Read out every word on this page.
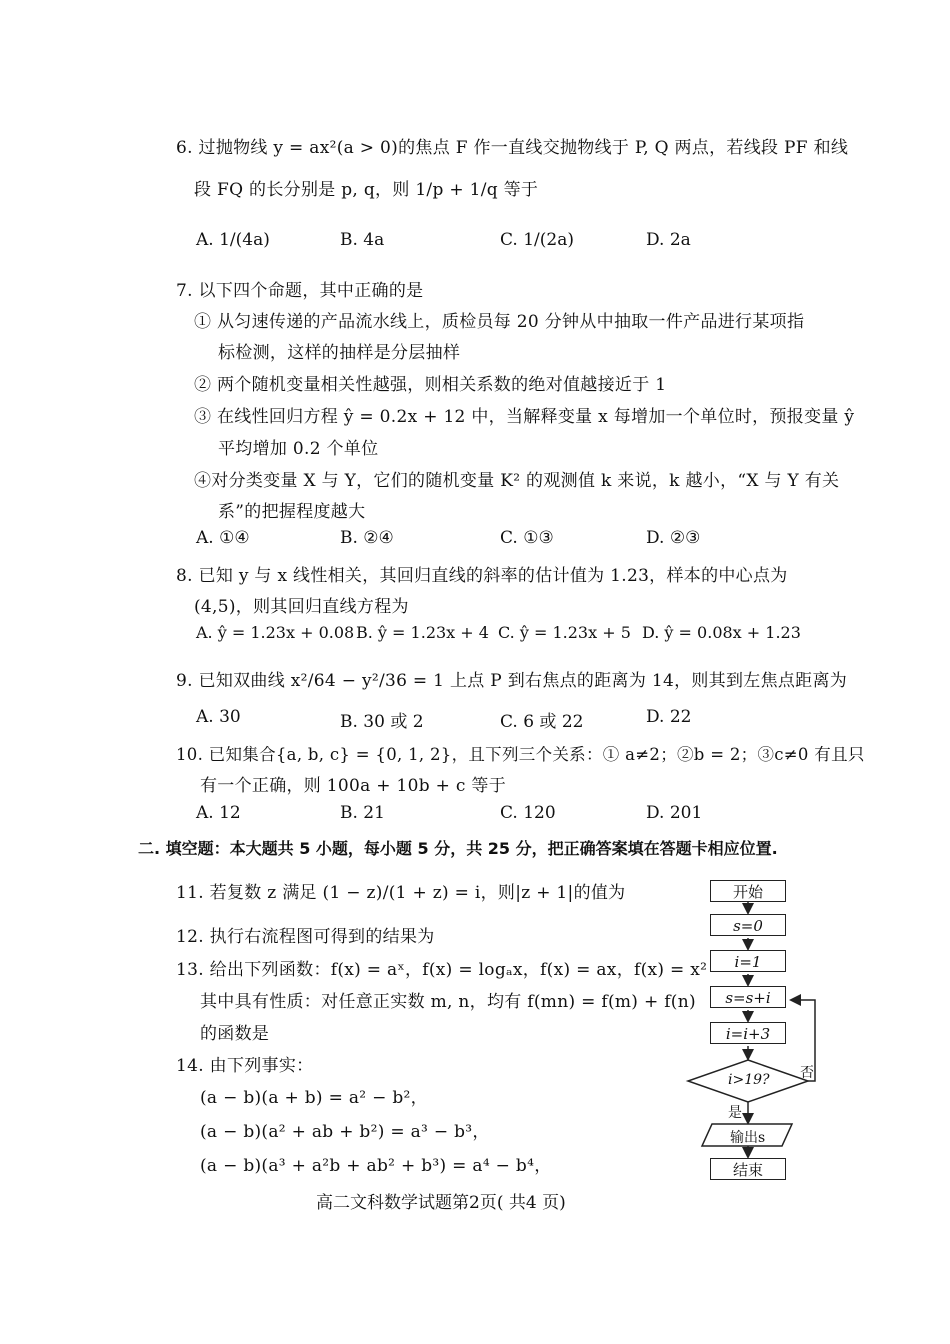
6. 过抛物线 y = ax²(a > 0)的焦点 F 作一直线交抛物线于 P, Q 两点，若线段 PF 和线
段 FQ 的长分别是 p, q，则 1/p + 1/q 等于
A. 1/(4a)	B. 4a	C. 1/(2a)	D. 2a
7. 以下四个命题，其中正确的是
① 从匀速传递的产品流水线上，质检员每 20 分钟从中抽取一件产品进行某项指
标检测，这样的抽样是分层抽样
② 两个随机变量相关性越强，则相关系数的绝对值越接近于 1
③ 在线性回归方程 ŷ = 0.2x + 12 中，当解释变量 x 每增加一个单位时，预报变量 ŷ
平均增加 0.2 个单位
④对分类变量 X 与 Y，它们的随机变量 K² 的观测值 k 来说，k 越小，“X 与 Y 有关
系”的把握程度越大
A. ①④	B. ②④	C. ①③	D. ②③
8. 已知 y 与 x 线性相关，其回归直线的斜率的估计值为 1.23，样本的中心点为
(4,5)，则其回归直线方程为
A. ŷ = 1.23x + 0.08 B. ŷ = 1.23x + 4 C. ŷ = 1.23x + 5 D. ŷ = 0.08x + 1.23
9. 已知双曲线 x²/64 − y²/36 = 1 上点 P 到右焦点的距离为 14，则其到左焦点距离为
A. 30	B. 30 或 2	C. 6 或 22	D. 22
10. 已知集合{a, b, c} = {0, 1, 2}，且下列三个关系：① a≠2；②b = 2；③c≠0 有且只
有一个正确，则 100a + 10b + c 等于
A. 12	B. 21	C. 120	D. 201
二. 填空题：本大题共 5 小题，每小题 5 分，共 25 分，把正确答案填在答题卡相应位置.
11. 若复数 z 满足 (1 − z)/(1 + z) = i，则|z + 1|的值为
12. 执行右流程图可得到的结果为
13. 给出下列函数：f(x) = aˣ，f(x) = logₐx，f(x) = ax，f(x) = x²
其中具有性质：对任意正实数 m, n，均有 f(mn) = f(m) + f(n)
的函数是
14. 由下列事实：
(a − b)(a + b) = a² − b²，
(a − b)(a² + ab + b²) = a³ − b³，
(a − b)(a³ + a²b + ab² + b³) = a⁴ − b⁴，
开始
s=0
i=1
s=s+i
i=i+3
i>19? 否
是
输出s
结束
高二文科数学试题第2页( 共4 页)
